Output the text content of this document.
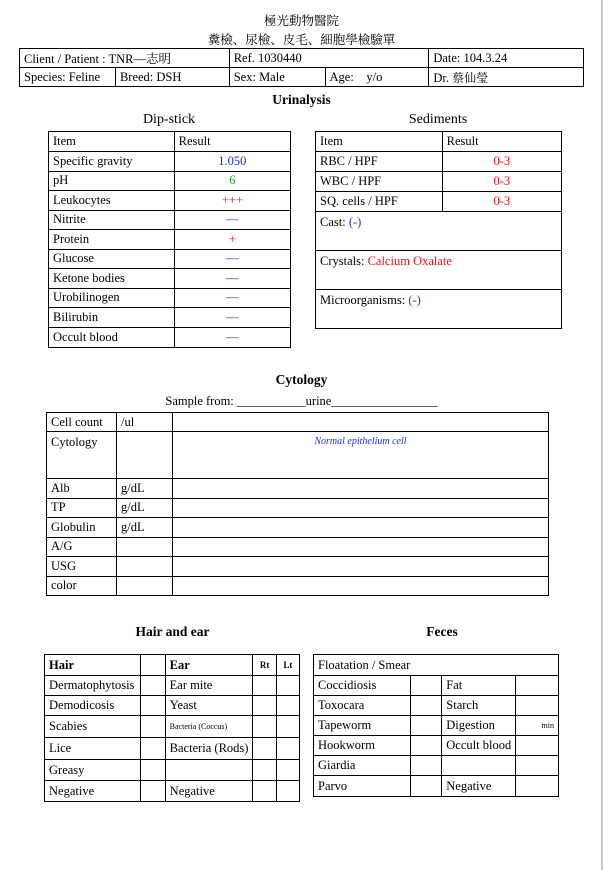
極光動物醫院
糞檢、尿檢、皮毛、細胞學檢驗單
Client / Patient : TNR—志明		Ref. 1030440		Date: 104.3.24
Species: Feline	Breed: DSH	Sex: Male	Age: y/o	Dr. 蔡仙瑩
Urinalysis
Dip-stick	Sediments
Item	Result
Specific gravity	1.050
pH	6
Leukocytes	+++
Nitrite	—
Protein	+
Glucose	—
Ketone bodies	—
Urobilinogen	—
Bilirubin	—
Occult blood	—
Item	Result
RBC / HPF	0-3
WBC / HPF	0-3
SQ. cells / HPF	0-3
Cast: (-)	
Crystals: Calcium Oxalate	
Microorganisms: (-)	
Cytology
Sample from: ___________urine_________________
Cell count	/ul	
Cytology		Normal epithelium cell
Alb	g/dL	
TP	g/dL	
Globulin	g/dL	
A/G		
USG		
color		
Hair and ear
Hair		Ear	Rt	Lt
Dermatophytosis		Ear mite		
Demodicosis		Yeast		
Scabies		Bacteria (Coccus)		
Lice		Bacteria (Rods)		
Greasy				
Negative		Negative		
Feces
Floatation / Smear			
Coccidiosis		Fat	
Toxocara		Starch	
Tapeworm		Digestion	min
Hookworm		Occult blood	
Giardia			
Parvo		Negative	
